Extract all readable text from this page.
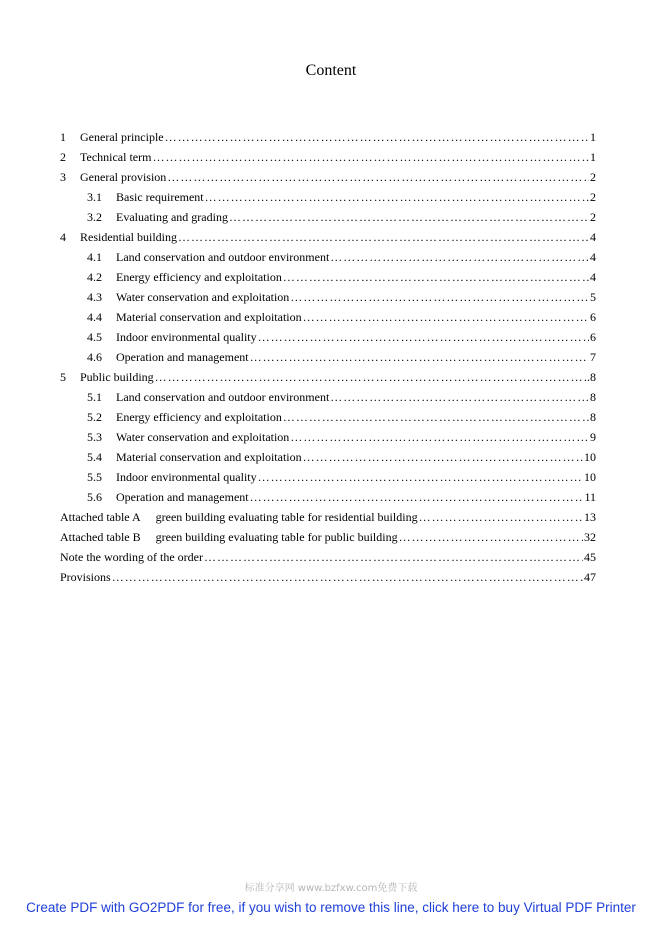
Content
1 General principle …………………………………………………………………………………………………………………………………………………………………………………………	1
2 Technical term …………………………………………………………………………………………………………………………………………………………………………………………	1
3 General provision …………………………………………………………………………………………………………………………………………………………………………………………	2
3.1 Basic requirement …………………………………………………………………………………………………………………………………………………………………………………………	2
3.2 Evaluating and grading …………………………………………………………………………………………………………………………………………………………………………………………	2
4 Residential building …………………………………………………………………………………………………………………………………………………………………………………………	4
4.1 Land conservation and outdoor environment …………………………………………………………………………………………………………………………………………………………………………………………	4
4.2 Energy efficiency and exploitation …………………………………………………………………………………………………………………………………………………………………………………………	4
4.3 Water conservation and exploitation …………………………………………………………………………………………………………………………………………………………………………………………	5
4.4 Material conservation and exploitation …………………………………………………………………………………………………………………………………………………………………………………………	6
4.5 Indoor environmental quality …………………………………………………………………………………………………………………………………………………………………………………………	6
4.6 Operation and management …………………………………………………………………………………………………………………………………………………………………………………………	7
5 Public building …………………………………………………………………………………………………………………………………………………………………………………………	..8
5.1 Land conservation and outdoor environment …………………………………………………………………………………………………………………………………………………………………………………………	8
5.2 Energy efficiency and exploitation …………………………………………………………………………………………………………………………………………………………………………………………	8
5.3 Water conservation and exploitation …………………………………………………………………………………………………………………………………………………………………………………………	9
5.4 Material conservation and exploitation …………………………………………………………………………………………………………………………………………………………………………………………	10
5.5 Indoor environmental quality …………………………………………………………………………………………………………………………………………………………………………………………	10
5.6 Operation and management …………………………………………………………………………………………………………………………………………………………………………………………	11
Attached table A     green building evaluating table for residential building …………………………………………………………………………………………………………………………………………………………………………………………	13
Attached table B     green building evaluating table for public building …………………………………………………………………………………………………………………………………………………………………………………………	32
Note the wording of the order …………………………………………………………………………………………………………………………………………………………………………………………	45
Provisions …………………………………………………………………………………………………………………………………………………………………………………………	47
标准分享网 www.bzfxw.com免费下载
Create PDF with GO2PDF for free, if you wish to remove this line, click here to buy Virtual PDF Printer
